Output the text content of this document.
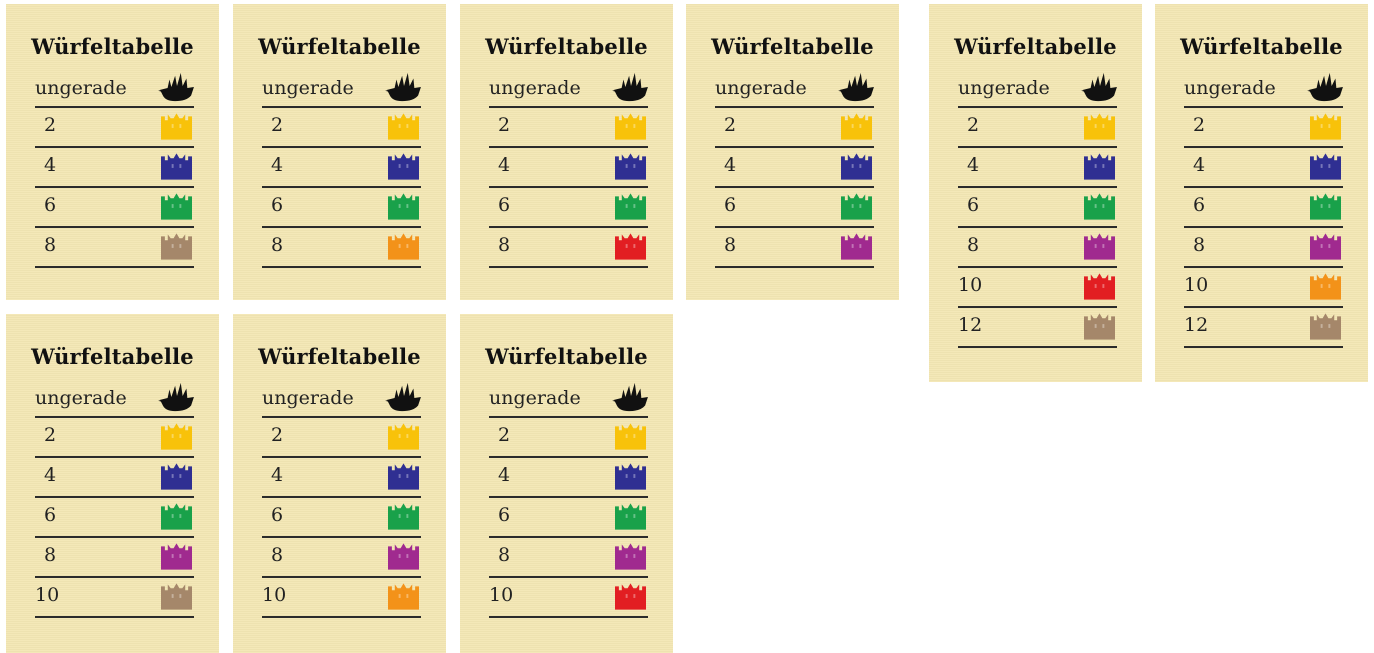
Würfeltabelle
ungerade
2
4
6
8
Würfeltabelle
ungerade
2
4
6
8
Würfeltabelle
ungerade
2
4
6
8
Würfeltabelle
ungerade
2
4
6
8
Würfeltabelle
ungerade
2
4
6
8
10
12
Würfeltabelle
ungerade
2
4
6
8
10
12
Würfeltabelle
ungerade
2
4
6
8
10
Würfeltabelle
ungerade
2
4
6
8
10
Würfeltabelle
ungerade
2
4
6
8
10
